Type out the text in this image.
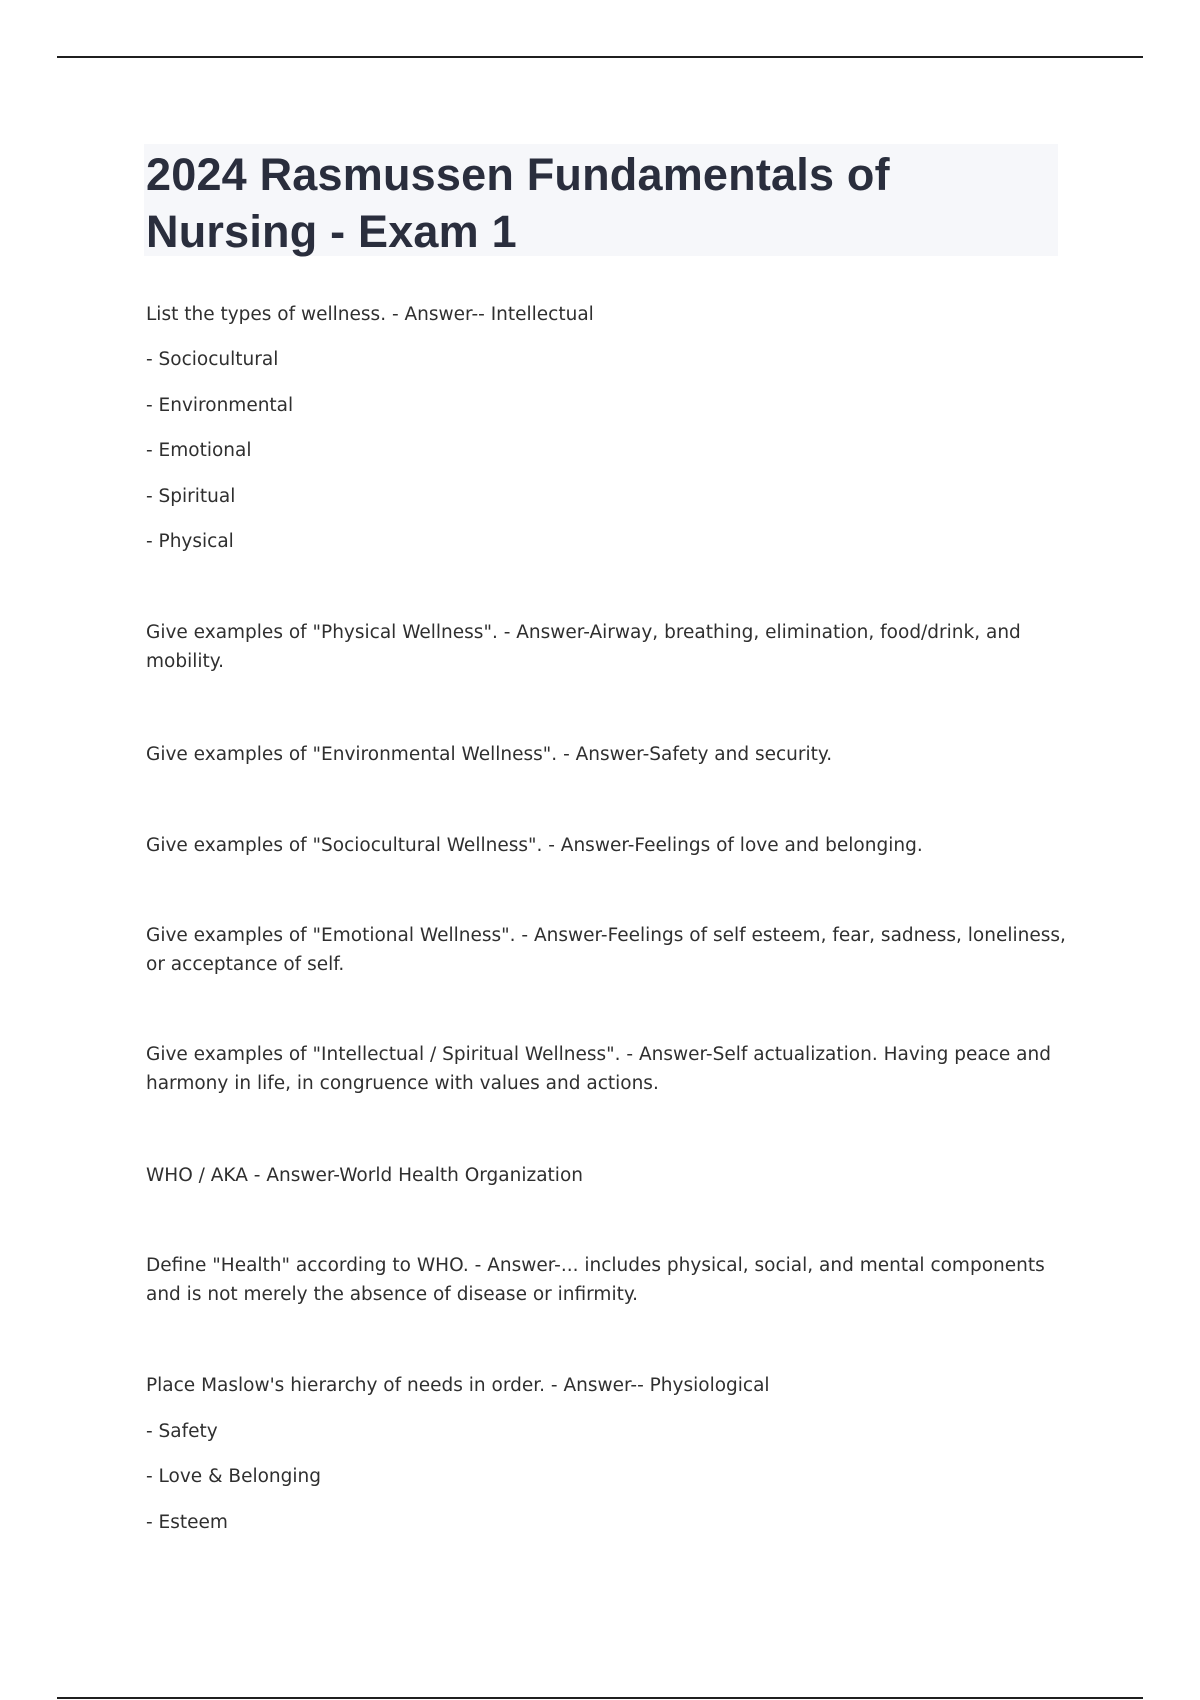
2024 Rasmussen Fundamentals of Nursing - Exam 1
List the types of wellness. - Answer-- Intellectual
- Sociocultural
- Environmental
- Emotional
- Spiritual
- Physical
Give examples of "Physical Wellness". - Answer-Airway, breathing, elimination, food/drink, and mobility.
Give examples of "Environmental Wellness". - Answer-Safety and security.
Give examples of "Sociocultural Wellness". - Answer-Feelings of love and belonging.
Give examples of "Emotional Wellness". - Answer-Feelings of self esteem, fear, sadness, loneliness, or acceptance of self.
Give examples of "Intellectual / Spiritual Wellness". - Answer-Self actualization. Having peace and harmony in life, in congruence with values and actions.
WHO / AKA - Answer-World Health Organization
Define "Health" according to WHO. - Answer-... includes physical, social, and mental components and is not merely the absence of disease or infirmity.
Place Maslow's hierarchy of needs in order. - Answer-- Physiological
- Safety
- Love & Belonging
- Esteem
